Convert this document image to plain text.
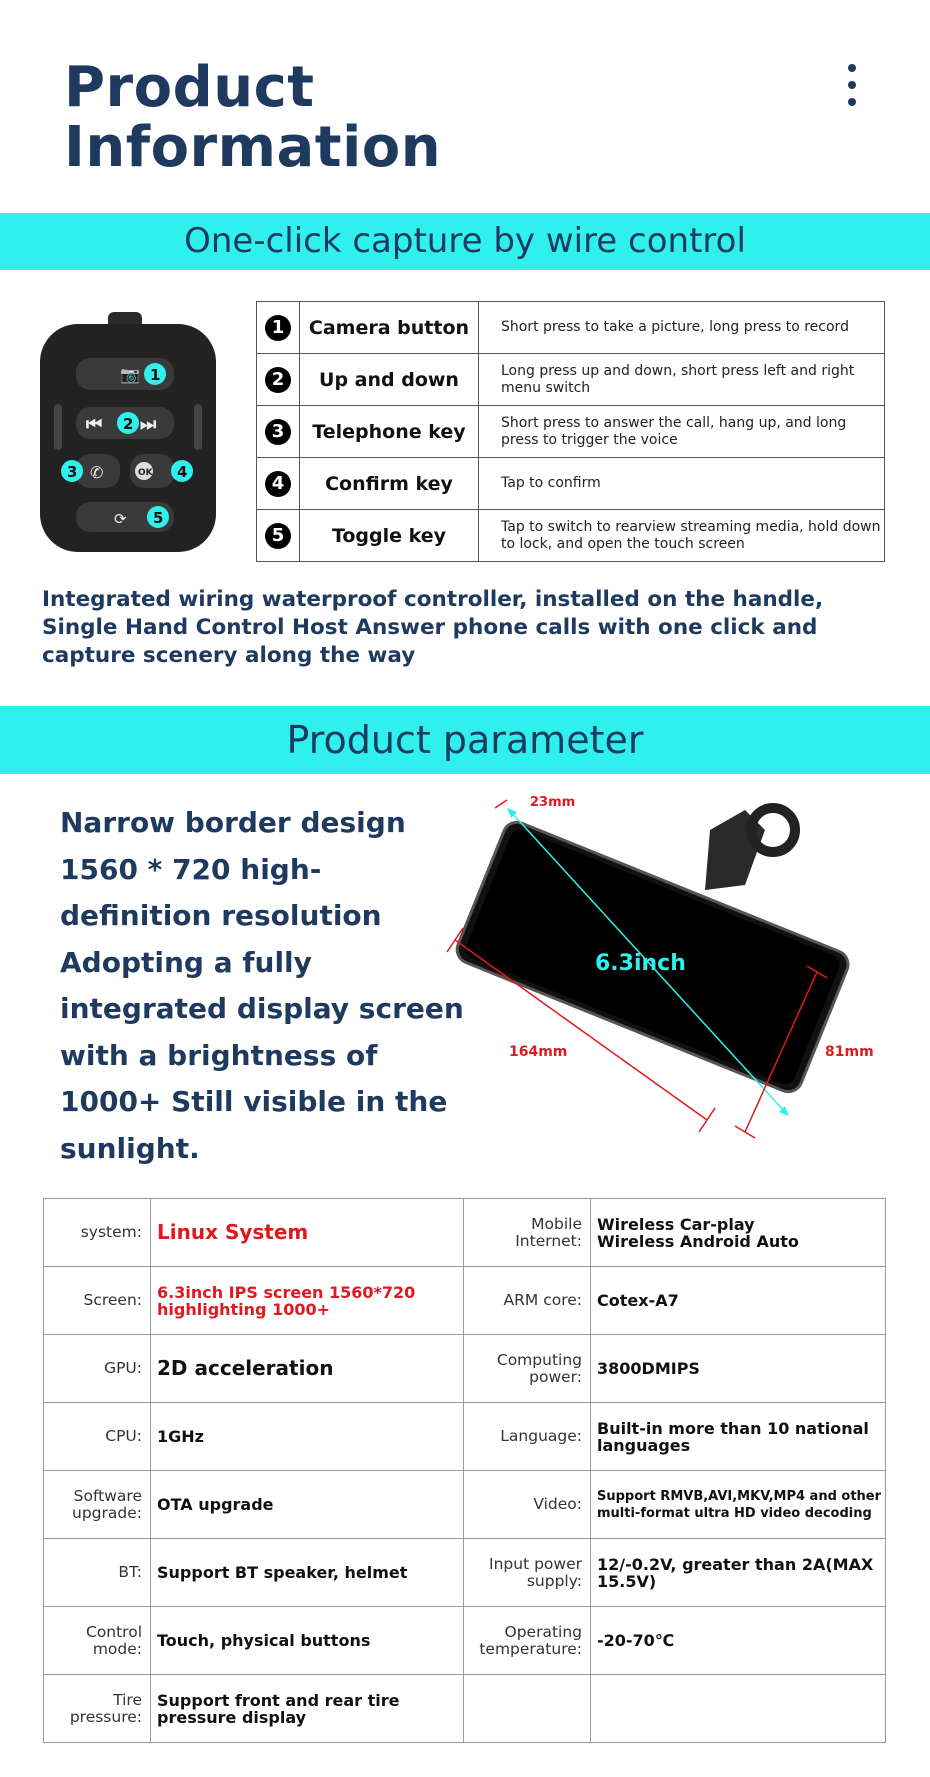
Product
Information
One-click capture by wire control
📷
⏮ ⏭
✆	OK
⟳
1
2
3	4
5
1	Camera button	Short press to take a picture, long press to record
2	Up and down	Long press up and down, short press left and right menu switch
3	Telephone key	Short press to answer the call, hang up, and long press to trigger the voice
4	Confirm key	Tap to confirm
5	Toggle key	Tap to switch to rearview streaming media, hold down to lock, and open the touch screen
Integrated wiring waterproof controller, installed on the handle, Single Hand Control Host Answer phone calls with one click and capture scenery along the way
Product parameter
Narrow border design 1560 * 720 high-definition resolution Adopting a fully integrated display screen with a brightness of 1000+ Still visible in the sunlight.
6.3inch
23mm
164mm	81mm
system:	Linux System	Mobile Internet:	Wireless Car-play
Wireless Android Auto
Screen:	6.3inch IPS screen 1560*720 highlighting 1000+	ARM core:	Cotex-A7
GPU:	2D acceleration	Computing power:	3800DMIPS
CPU:	1GHz	Language:	Built-in more than 10 national languages
Software upgrade:	OTA upgrade	Video:	Support RMVB,AVI,MKV,MP4 and other multi-format ultra HD video decoding
BT:	Support BT speaker, helmet	Input power supply:	12/-0.2V, greater than 2A(MAX 15.5V)
Control mode:	Touch, physical buttons	Operating temperature:	-20-70℃
Tire pressure:	Support front and rear tire pressure display		
